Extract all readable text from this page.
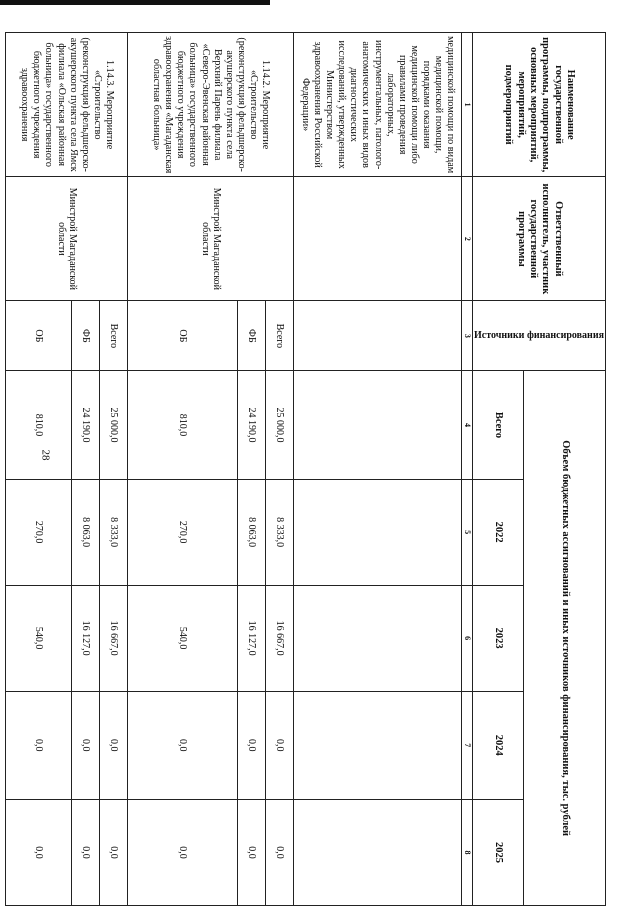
28
Наименование государственной программы, подпрограммы, основных мероприятий, мероприятий, подмероприятий	Ответственный исполнитель, участник государственной программы	Источники финансирования	Объем бюджетных ассигнований и иных источников финансирования, тыс. рублей				
			Всего	2022	2023	2024	2025
1	2	3	4	5	6	7	8
медицинской помощи по видам медицинской помощи, порядками оказания медицинской помощи либо правилами проведения лабораторных, инструментальных, патолого-анатомических и иных видов диагностических исследований, утвержденных Министерством здравоохранения Российской Федерации»							
1.14.2. Мероприятие «Строительство (реконструкция) фельдшерско-акушерского пункта села Верхний Парень филиала «Северо-Эвенская районная больница» государственного бюджетного учреждения здравоохранения «Магаданская областная больница»	Минстрой Магаданской области	Всего	25 000,0	8 333,0	16 667,0	0,0	0,0
		ФБ	24 190,0	8 063,0	16 127,0	0,0	0,0
		ОБ	810,0	270,0	540,0	0,0	0,0
1.14.3. Мероприятие «Строительство (реконструкция) фельдшерско-акушерского пункта села Ямск филиала «Ольская районная больница» государственного бюджетного учреждения здравоохранения	Минстрой Магаданской области	Всего	25 000,0	8 333,0	16 667,0	0,0	0,0
		ФБ	24 190,0	8 063,0	16 127,0	0,0	0,0
		ОБ	810,0	270,0	540,0	0,0	0,0
